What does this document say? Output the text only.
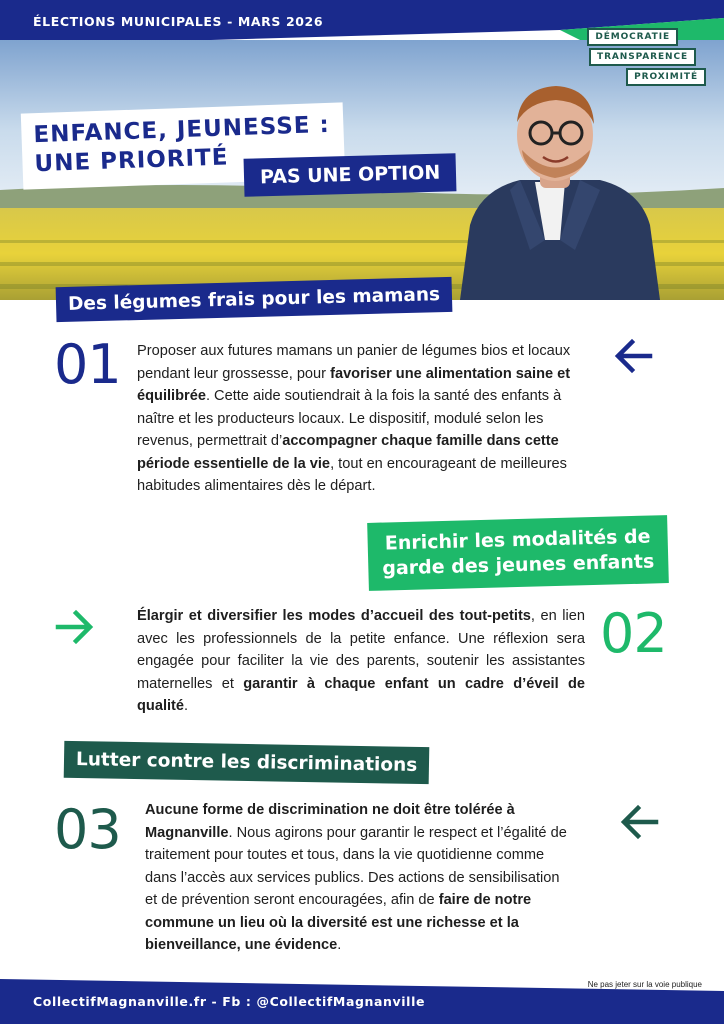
ÉLECTIONS MUNICIPALES - MARS 2026
DÉMOCRATIE
TRANSPARENCE
PROXIMITÉ
ENFANCE, JEUNESSE :
UNE PRIORITÉ	PAS UNE OPTION
Des légumes frais pour les mamans
01 Proposer aux futures mamans un panier de légumes bios et locaux pendant leur grossesse, pour favoriser une alimentation saine et équilibrée. Cette aide soutiendrait à la fois la santé des enfants à naître et les producteurs locaux. Le dispositif, modulé selon les revenus, permettrait d’accompagner chaque famille dans cette période essentielle de la vie, tout en encourageant de meilleures habitudes alimentaires dès le départ.
Enrichir les modalités de
garde des jeunes enfants
Élargir et diversifier les modes d’accueil des tout-petits, en lien avec les professionnels de la petite enfance. Une réflexion sera engagée pour faciliter la vie des parents, soutenir les assistantes maternelles et garantir à chaque enfant un cadre d’éveil de qualité.
02
Lutter contre les discriminations
03 Aucune forme de discrimination ne doit être tolérée à Magnanville. Nous agirons pour garantir le respect et l’égalité de traitement pour toutes et tous, dans la vie quotidienne comme dans l’accès aux services publics. Des actions de sensibilisation et de prévention seront encouragées, afin de faire de notre commune un lieu où la diversité est une richesse et la bienveillance, une évidence.
Ne pas jeter sur la voie publique
CollectifMagnanville.fr - Fb : @CollectifMagnanville
